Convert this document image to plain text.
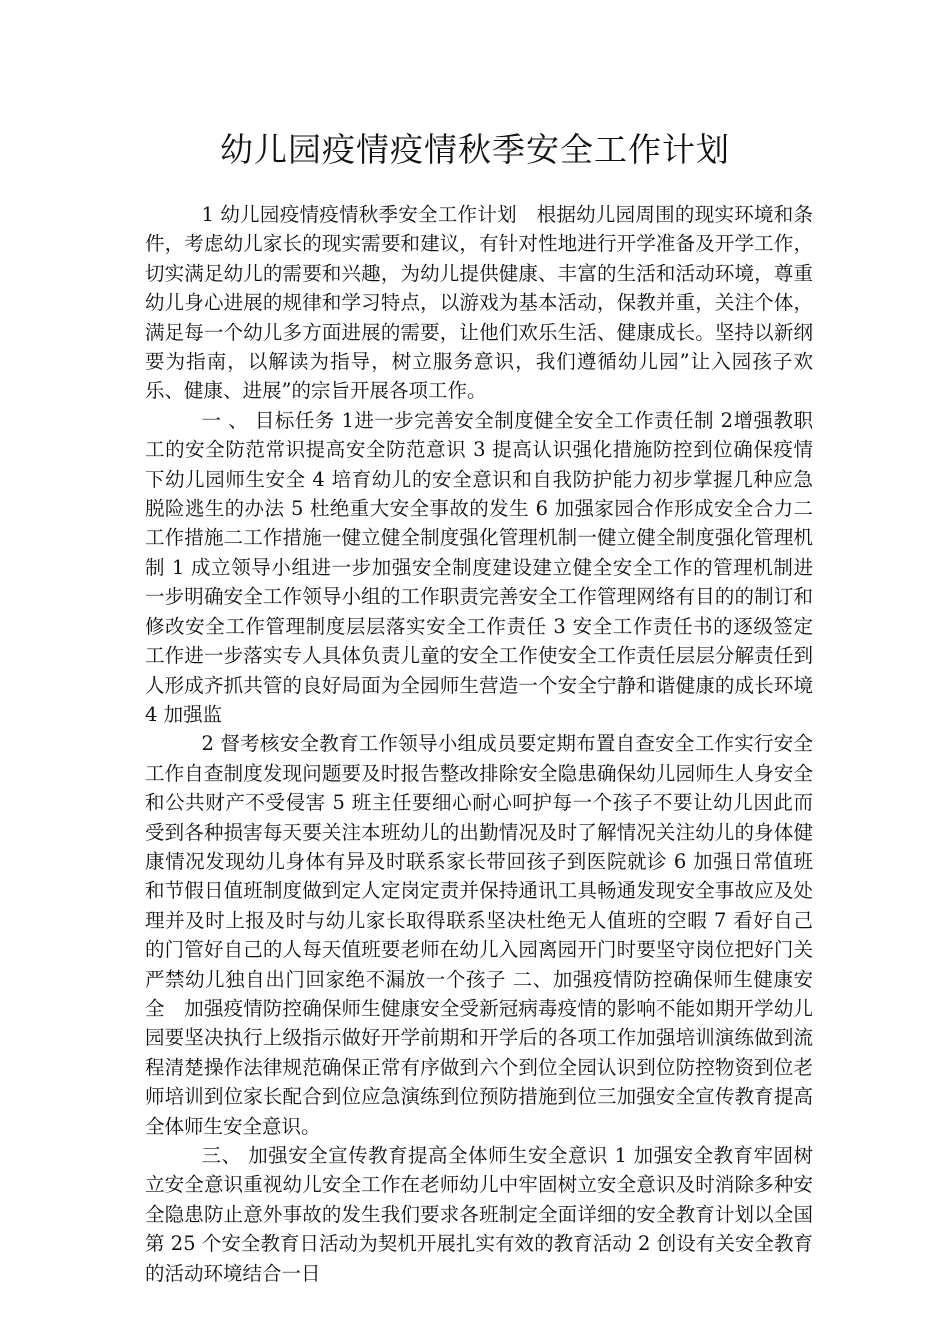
幼儿园疫情疫情秋季安全工作计划

1 幼儿园疫情疫情秋季安全工作计划　根据幼儿园周围的现实环境和条件，考虑幼儿家长的现实需要和建议，有针对性地进行开学准备及开学工作，切实满足幼儿的需要和兴趣，为幼儿提供健康、丰富的生活和活动环境，尊重幼儿身心进展的规律和学习特点，以游戏为基本活动，保教并重，关注个体，满足每一个幼儿多方面进展的需要，让他们欢乐生活、健康成长。坚持以新纲要为指南，以解读为指导，树立服务意识，我们遵循幼儿园”让入园孩子欢乐、健康、进展”的宗旨开展各项工作。

一 、 目标任务 1进一步完善安全制度健全安全工作责任制 2增强教职工的安全防范常识提高安全防范意识 3 提高认识强化措施防控到位确保疫情下幼儿园师生安全 4 培育幼儿的安全意识和自我防护能力初步掌握几种应急脱险逃生的办法 5 杜绝重大安全事故的发生 6 加强家园合作形成安全合力二工作措施二工作措施一健立健全制度强化管理机制一健立健全制度强化管理机制 1 成立领导小组进一步加强安全制度建设建立健全安全工作的管理机制进一步明确安全工作领导小组的工作职责完善安全工作管理网络有目的的制订和修改安全工作管理制度层层落实安全工作责任 3 安全工作责任书的逐级签定工作进一步落实专人具体负责儿童的安全工作使安全工作责任层层分解责任到人形成齐抓共管的良好局面为全园师生营造一个安全宁静和谐健康的成长环境 4 加强监

2 督考核安全教育工作领导小组成员要定期布置自查安全工作实行安全工作自查制度发现问题要及时报告整改排除安全隐患确保幼儿园师生人身安全和公共财产不受侵害 5 班主任要细心耐心呵护每一个孩子不要让幼儿因此而受到各种损害每天要关注本班幼儿的出勤情况及时了解情况关注幼儿的身体健康情况发现幼儿身体有异及时联系家长带回孩子到医院就诊 6 加强日常值班和节假日值班制度做到定人定岗定责并保持通讯工具畅通发现安全事故应及处理并及时上报及时与幼儿家长取得联系坚决杜绝无人值班的空暇 7 看好自己的门管好自己的人每天值班要老师在幼儿入园离园开门时要坚守岗位把好门关严禁幼儿独自出门回家绝不漏放一个孩子 二、加强疫情防控确保师生健康安全　加强疫情防控确保师生健康安全受新冠病毒疫情的影响不能如期开学幼儿园要坚决执行上级指示做好开学前期和开学后的各项工作加强培训演练做到流程清楚操作法律规范确保正常有序做到六个到位全园认识到位防控物资到位老师培训到位家长配合到位应急演练到位预防措施到位三加强安全宣传教育提高全体师生安全意识。

三、 加强安全宣传教育提高全体师生安全意识 1 加强安全教育牢固树立安全意识重视幼儿安全工作在老师幼儿中牢固树立安全意识及时消除多种安全隐患防止意外事故的发生我们要求各班制定全面详细的安全教育计划以全国第 25 个安全教育日活动为契机开展扎实有效的教育活动 2 创设有关安全教育的活动环境结合一日
